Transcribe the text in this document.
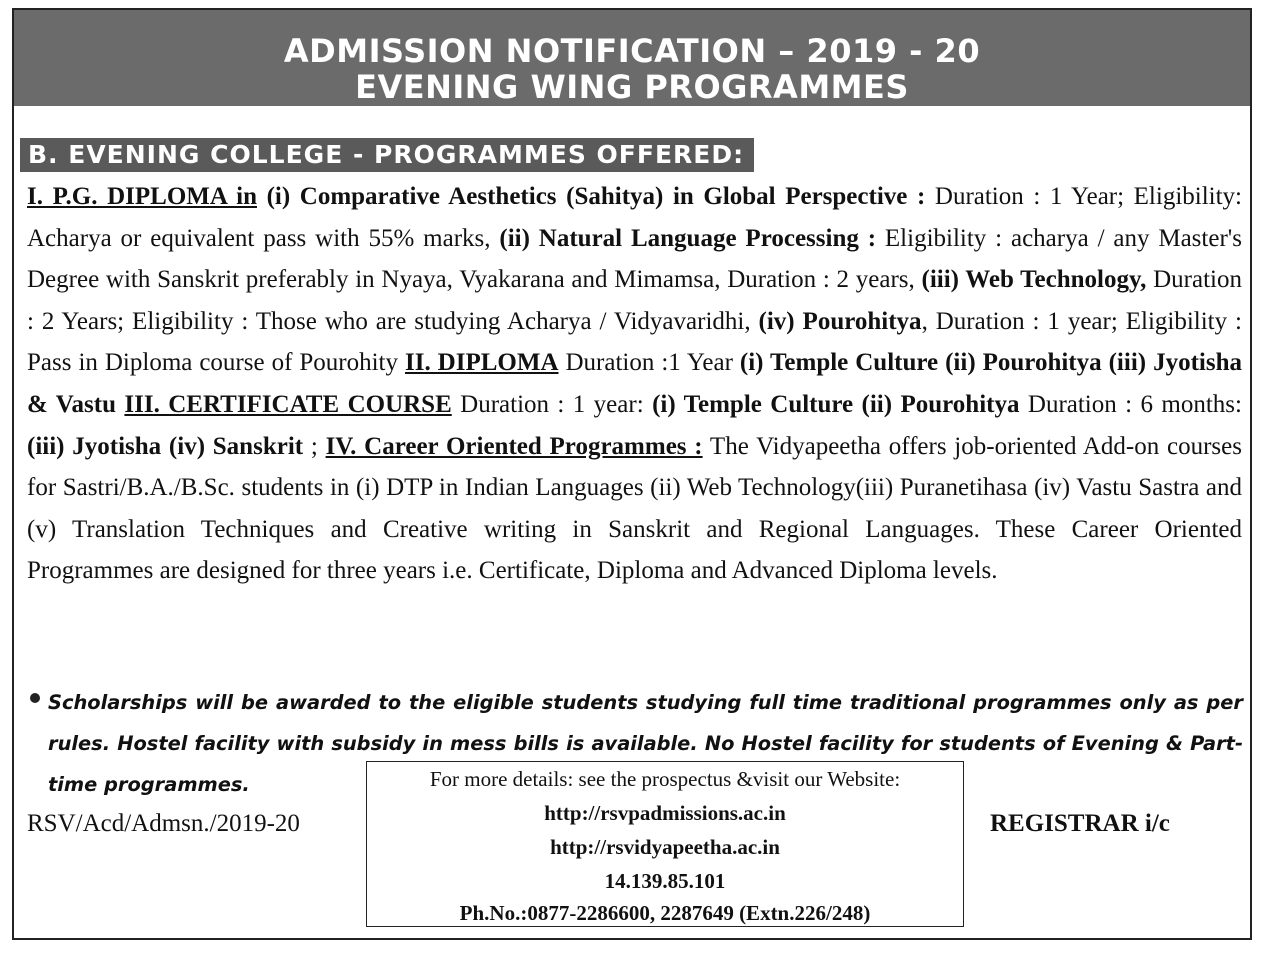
ADMISSION NOTIFICATION – 2019 - 20
EVENING WING PROGRAMMES
B. EVENING COLLEGE - PROGRAMMES OFFERED:
I. P.G. DIPLOMA in (i) Comparative Aesthetics (Sahitya) in Global Perspective : Duration : 1 Year; Eligibility: Acharya or equivalent pass with 55% marks, (ii) Natural Language Processing : Eligibility : acharya / any Master's Degree with Sanskrit preferably in Nyaya, Vyakarana and Mimamsa, Duration : 2 years, (iii) Web Technology, Duration : 2 Years; Eligibility : Those who are studying Acharya / Vidyavaridhi, (iv) Pourohitya, Duration : 1 year; Eligibility : Pass in Diploma course of Pourohity II. DIPLOMA Duration :1 Year (i) Temple Culture (ii) Pourohitya (iii) Jyotisha & Vastu III. CERTIFICATE COURSE Duration : 1 year: (i) Temple Culture (ii) Pourohitya Duration : 6 months: (iii) Jyotisha (iv) Sanskrit ; IV. Career Oriented Programmes : The Vidyapeetha offers job-oriented Add-on courses for Sastri/B.A./B.Sc. students in (i) DTP in Indian Languages (ii) Web Technology(iii) Puranetihasa (iv) Vastu Sastra and (v) Translation Techniques and Creative writing in Sanskrit and Regional Languages. These Career Oriented Programmes are designed for three years i.e. Certificate, Diploma and Advanced Diploma levels.
Scholarships will be awarded to the eligible students studying full time traditional programmes only as per rules. Hostel facility with subsidy in mess bills is available. No Hostel facility for students of Evening & Part-time programmes.
RSV/Acd/Admsn./2019-20
For more details: see the prospectus &visit our Website:
http://rsvpadmissions.ac.in
http://rsvidyapeetha.ac.in
14.139.85.101
Ph.No.:0877-2286600, 2287649 (Extn.226/248)
REGISTRAR i/c
